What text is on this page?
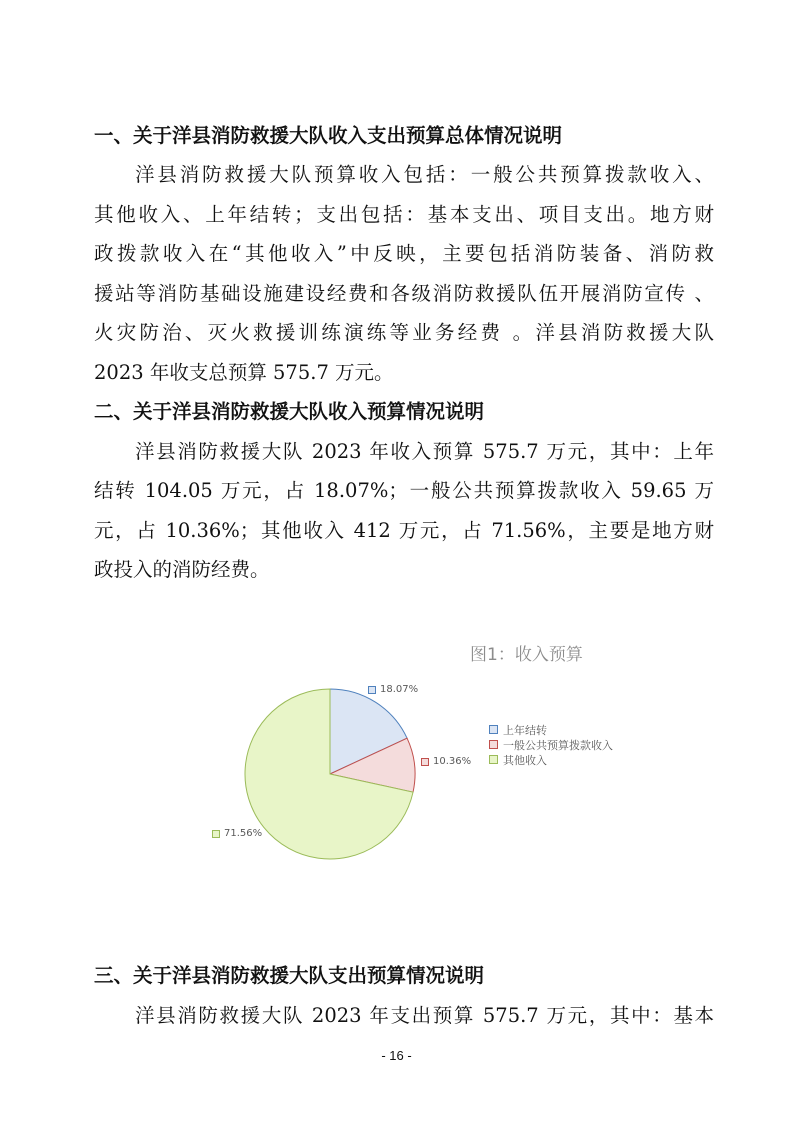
一、关于洋县消防救援大队收入支出预算总体情况说明
洋县消防救援大队预算收入包括：一般公共预算拨款收入、
其他收入、上年结转；支出包括：基本支出、项目支出。地方财
政拨款收入在“其他收入”中反映，主要包括消防装备、消防救
援站等消防基础设施建设经费和各级消防救援队伍开展消防宣传 、
火灾防治、灭火救援训练演练等业务经费 。洋县消防救援大队
2023 年收支总预算 575.7 万元。
二、关于洋县消防救援大队收入预算情况说明
洋县消防救援大队 2023 年收入预算 575.7 万元，其中：上年
结转 104.05 万元，占 18.07%；一般公共预算拨款收入 59.65 万
元，占 10.36%；其他收入 412 万元，占 71.56%，主要是地方财
政投入的消防经费。
图1：收入预算
18.07%
10.36%
71.56%
上年结转
一般公共预算拨款收入
其他收入
三、关于洋县消防救援大队支出预算情况说明
洋县消防救援大队 2023 年支出预算 575.7 万元，其中：基本
- 16 -
